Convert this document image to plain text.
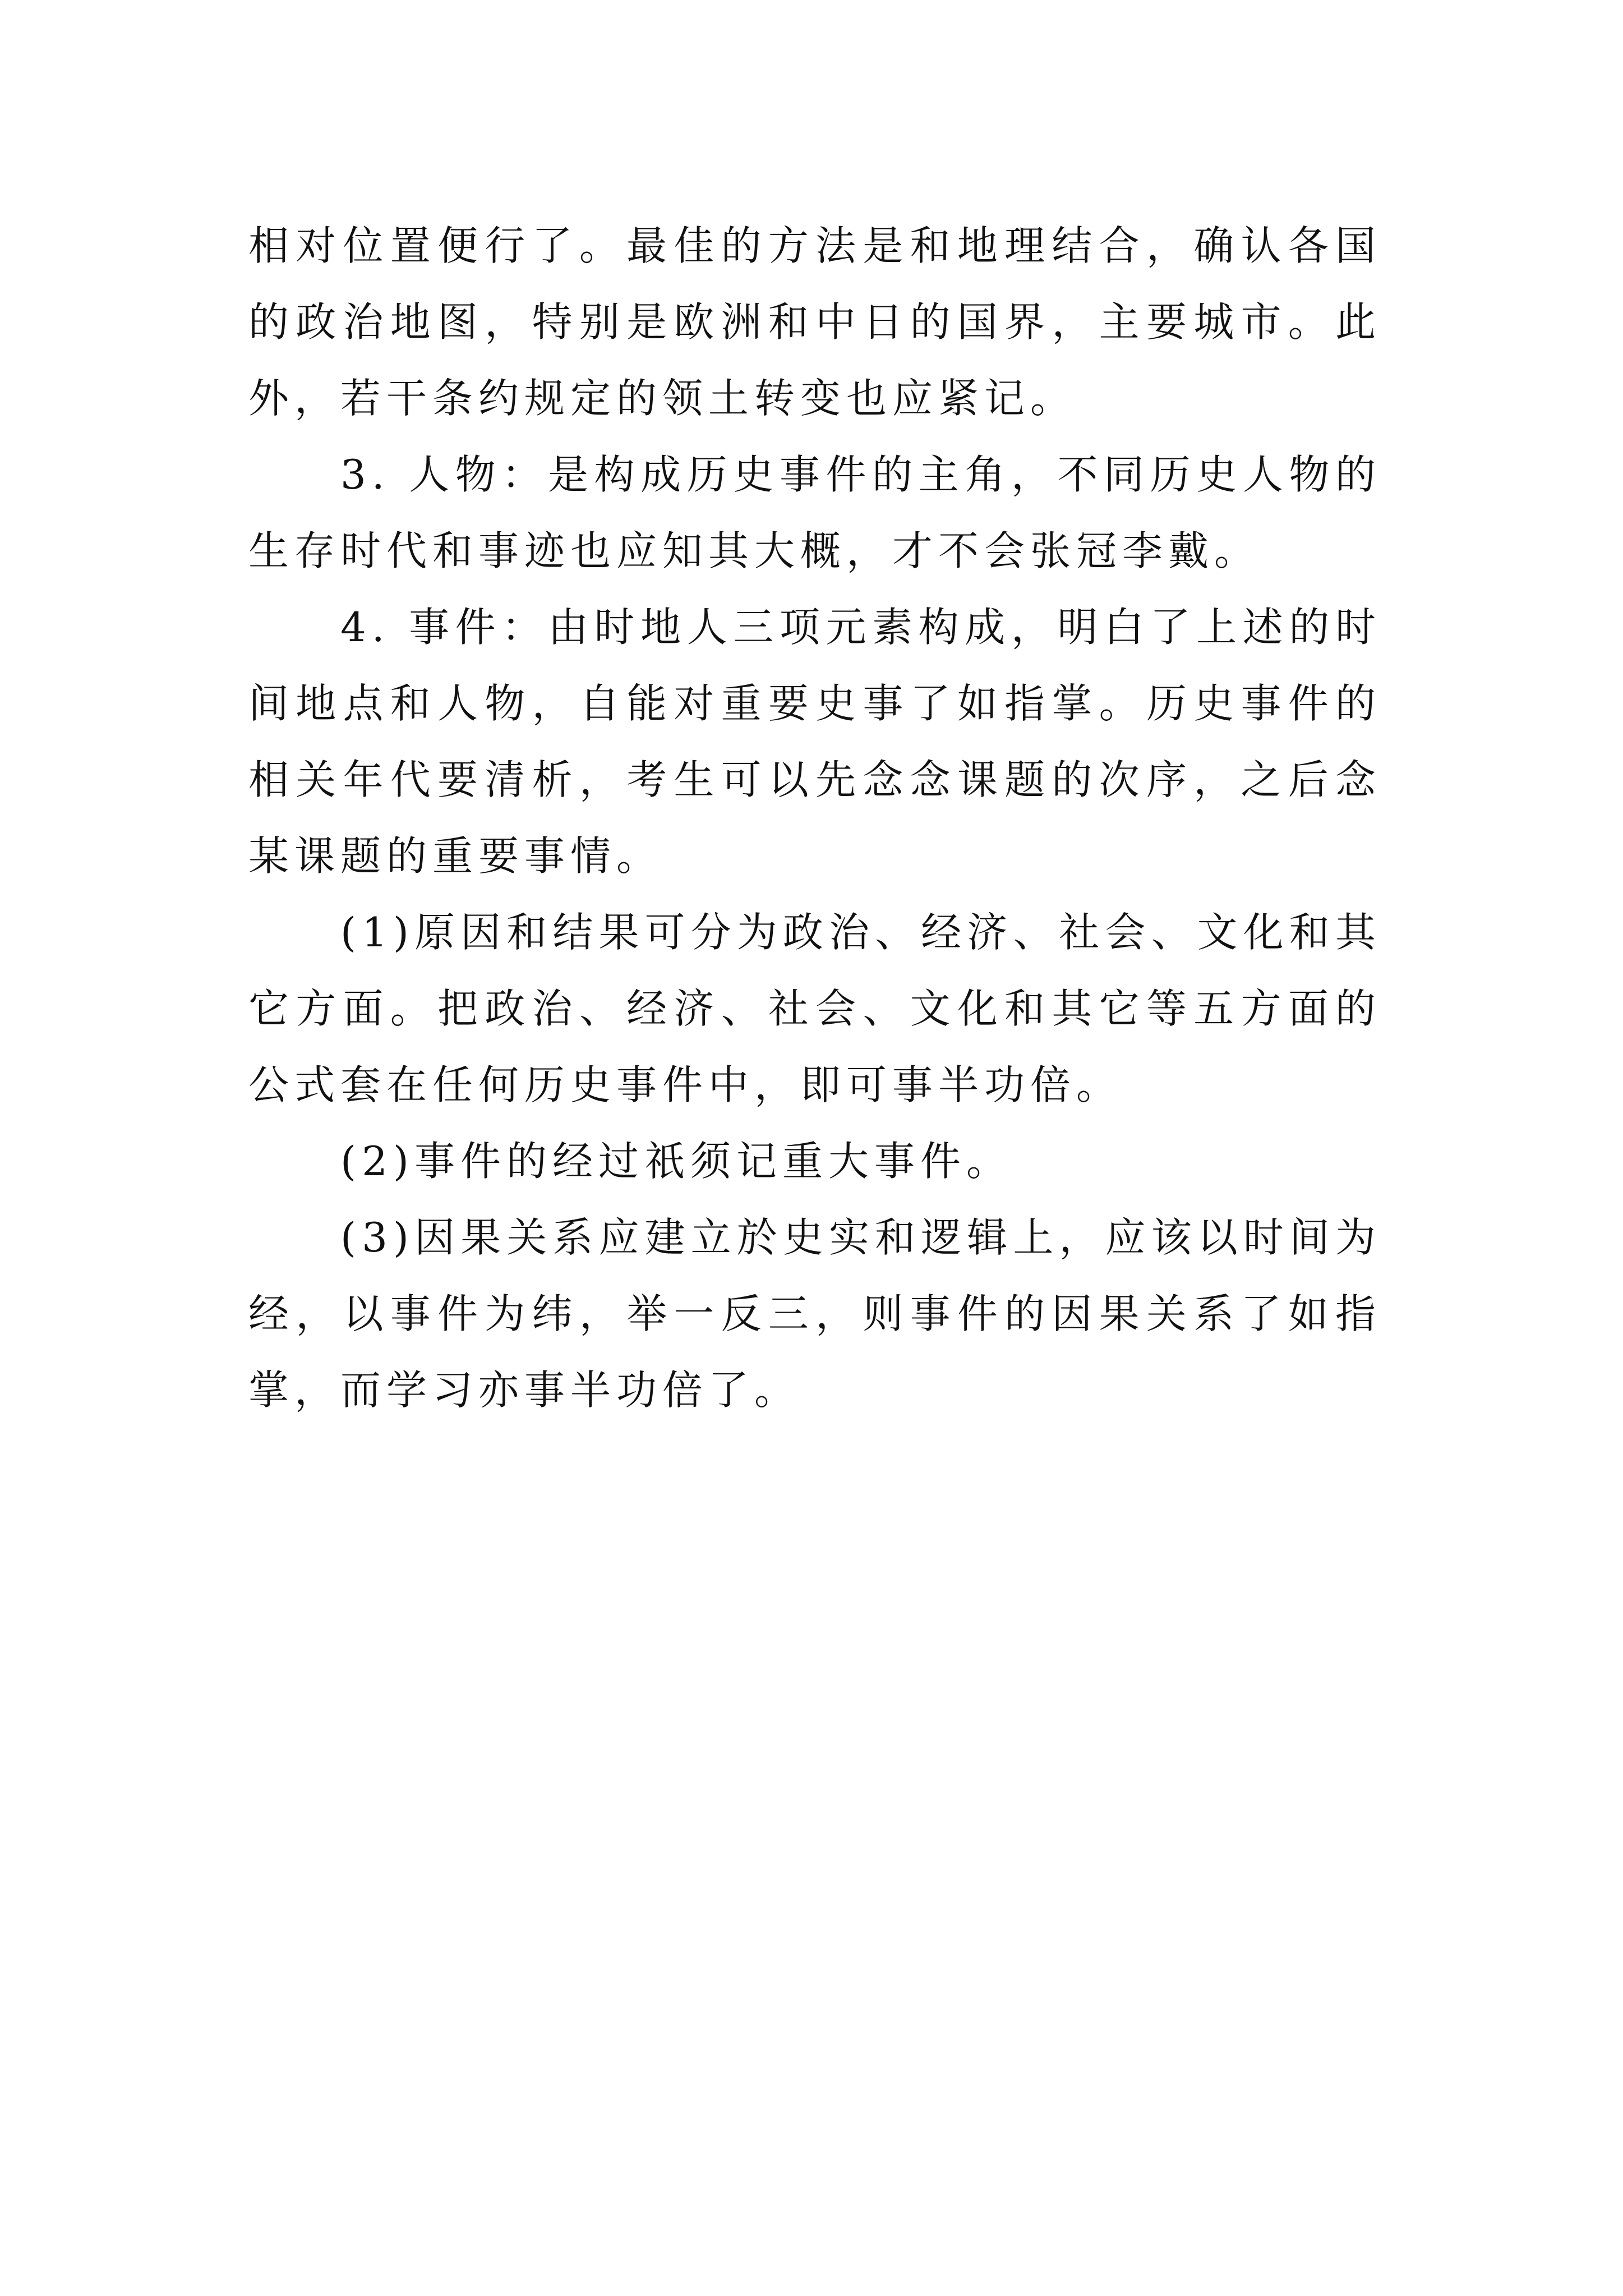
相对位置便行了。最佳的方法是和地理结合，确认各国的政治地图，特别是欧洲和中日的国界，主要城市。此外，若干条约规定的领土转变也应紧记。

3. 人物：是构成历史事件的主角，不同历史人物的生存时代和事迹也应知其大概，才不会张冠李戴。

4. 事件：由时地人三项元素构成，明白了上述的时间地点和人物，自能对重要史事了如指掌。历史事件的相关年代要清析，考生可以先念念课题的次序，之后念某课题的重要事情。

(1)原因和结果可分为政治、经济、社会、文化和其它方面。把政治、经济、社会、文化和其它等五方面的公式套在任何历史事件中，即可事半功倍。

(2)事件的经过祇须记重大事件。

(3)因果关系应建立於史实和逻辑上，应该以时间为经，以事件为纬，举一反三，则事件的因果关系了如指掌，而学习亦事半功倍了。
